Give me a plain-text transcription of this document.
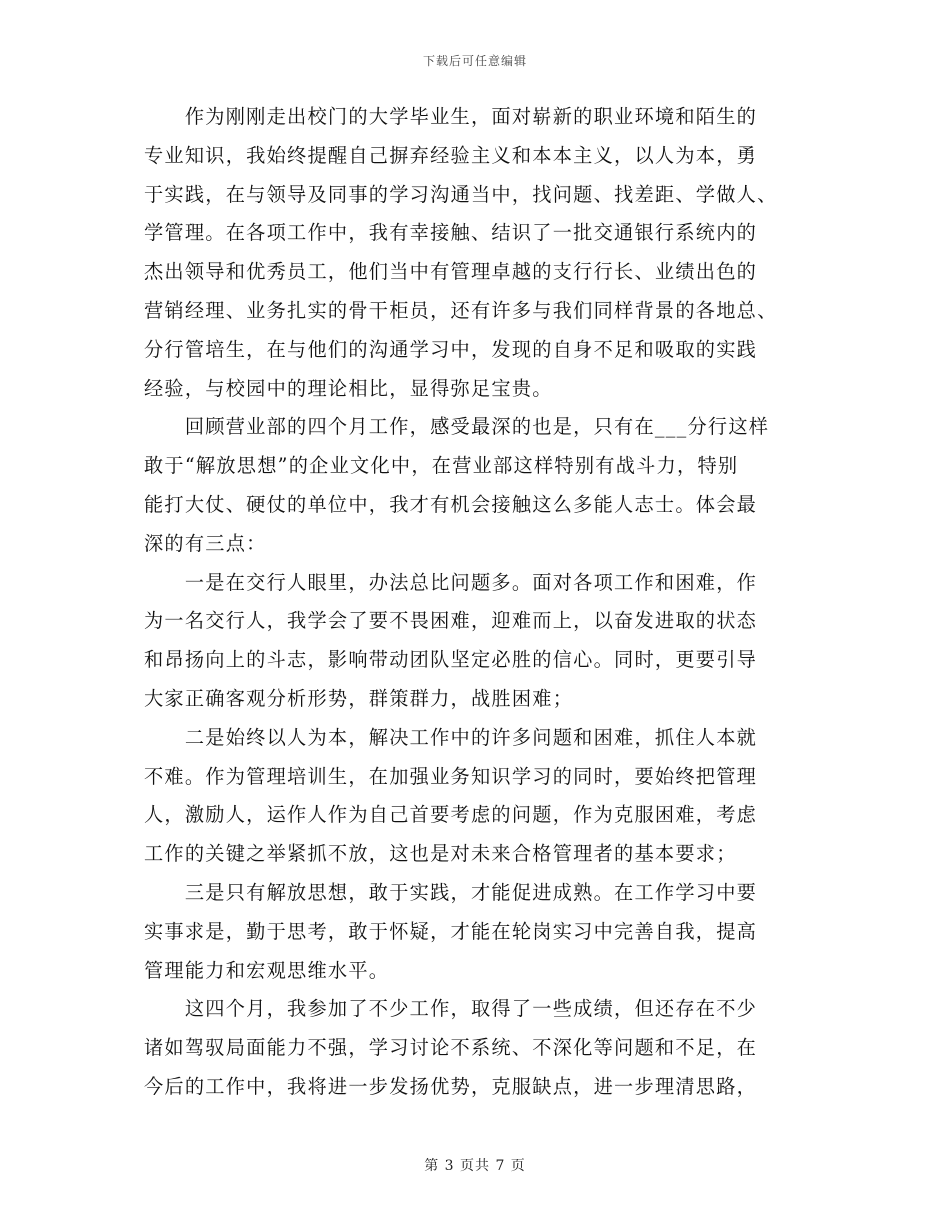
下载后可任意编辑

　　作为刚刚走出校门的大学毕业生，面对崭新的职业环境和陌生的
专业知识，我始终提醒自己摒弃经验主义和本本主义，以人为本，勇
于实践，在与领导及同事的学习沟通当中，找问题、找差距、学做人、
学管理。在各项工作中，我有幸接触、结识了一批交通银行系统内的
杰出领导和优秀员工，他们当中有管理卓越的支行行长、业绩出色的
营销经理、业务扎实的骨干柜员，还有许多与我们同样背景的各地总、
分行管培生，在与他们的沟通学习中，发现的自身不足和吸取的实践
经验，与校园中的理论相比，显得弥足宝贵。

　　回顾营业部的四个月工作，感受最深的也是，只有在___分行这样
敢于“解放思想”的企业文化中，在营业部这样特别有战斗力，特别
能打大仗、硬仗的单位中，我才有机会接触这么多能人志士。体会最
深的有三点：

　　一是在交行人眼里，办法总比问题多。面对各项工作和困难，作
为一名交行人，我学会了要不畏困难，迎难而上，以奋发进取的状态
和昂扬向上的斗志，影响带动团队坚定必胜的信心。同时，更要引导
大家正确客观分析形势，群策群力，战胜困难；

　　二是始终以人为本，解决工作中的许多问题和困难，抓住人本就
不难。作为管理培训生，在加强业务知识学习的同时，要始终把管理
人，激励人，运作人作为自己首要考虑的问题，作为克服困难，考虑
工作的关键之举紧抓不放，这也是对未来合格管理者的基本要求；

　　三是只有解放思想，敢于实践，才能促进成熟。在工作学习中要
实事求是，勤于思考，敢于怀疑，才能在轮岗实习中完善自我，提高
管理能力和宏观思维水平。

　　这四个月，我参加了不少工作，取得了一些成绩，但还存在不少
诸如驾驭局面能力不强，学习讨论不系统、不深化等问题和不足，在
今后的工作中，我将进一步发扬优势，克服缺点，进一步理清思路，

第 3 页共 7 页
